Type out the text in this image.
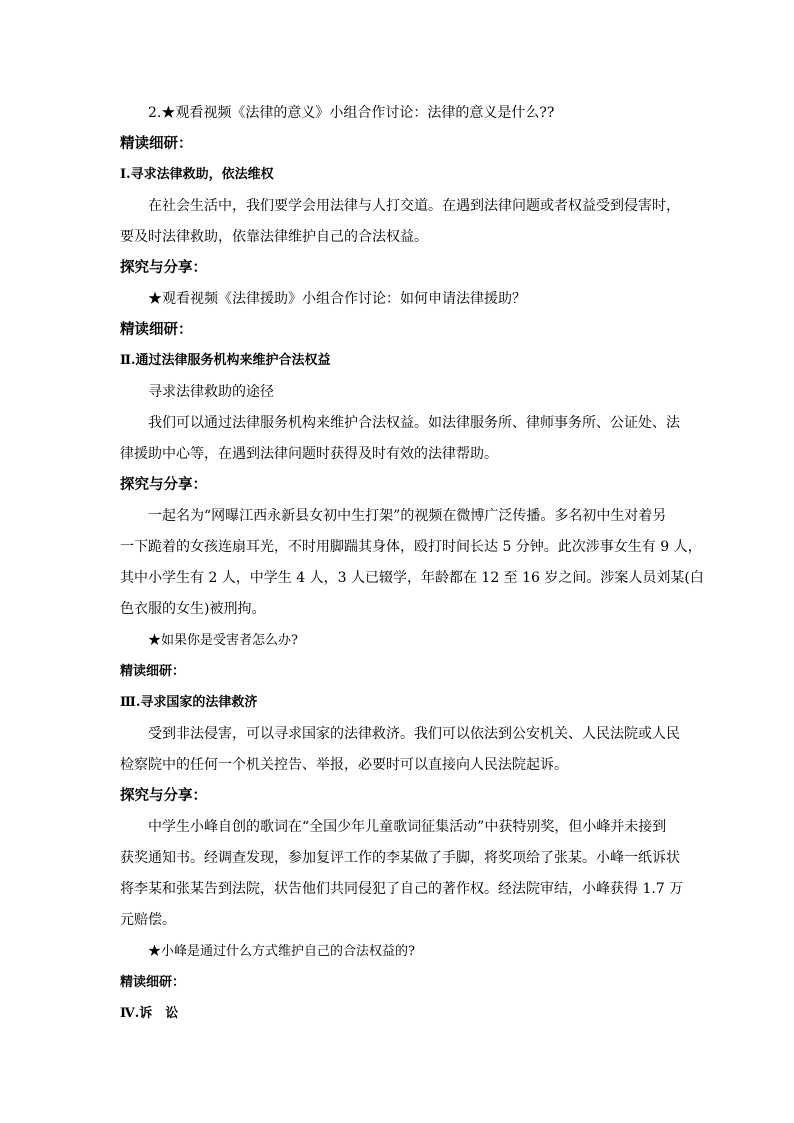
2.★观看视频《法律的意义》小组合作讨论：法律的意义是什么??
精读细研：
Ⅰ.寻求法律救助，依法维权
在社会生活中，我们要学会用法律与人打交道。在遇到法律问题或者权益受到侵害时，
要及时法律救助，依靠法律维护自己的合法权益。
探究与分享：
★观看视频《法律援助》小组合作讨论：如何申请法律援助？
精读细研：
Ⅱ.通过法律服务机构来维护合法权益
寻求法律救助的途径
我们可以通过法律服务机构来维护合法权益。如法律服务所、律师事务所、公证处、法
律援助中心等，在遇到法律问题时获得及时有效的法律帮助。
探究与分享：
一起名为“网曝江西永新县女初中生打架”的视频在微博广泛传播。多名初中生对着另
一下跪着的女孩连扇耳光，不时用脚踹其身体，殴打时间长达 5 分钟。此次涉事女生有 9 人，
其中小学生有 2 人，中学生 4 人，3 人已辍学，年龄都在 12 至 16 岁之间。涉案人员刘某(白
色衣服的女生)被刑拘。
★如果你是受害者怎么办?
精读细研：
Ⅲ.寻求国家的法律救济
受到非法侵害，可以寻求国家的法律救济。我们可以依法到公安机关、人民法院或人民
检察院中的任何一个机关控告、举报，必要时可以直接向人民法院起诉。
探究与分享：
中学生小峰自创的歌词在“全国少年儿童歌词征集活动”中获特别奖，但小峰并未接到
获奖通知书。经调查发现，参加复评工作的李某做了手脚，将奖项给了张某。小峰一纸诉状
将李某和张某告到法院，状告他们共同侵犯了自己的著作权。经法院审结，小峰获得 1.7 万
元赔偿。
★小峰是通过什么方式维护自己的合法权益的?
精读细研：
Ⅳ.诉　讼
